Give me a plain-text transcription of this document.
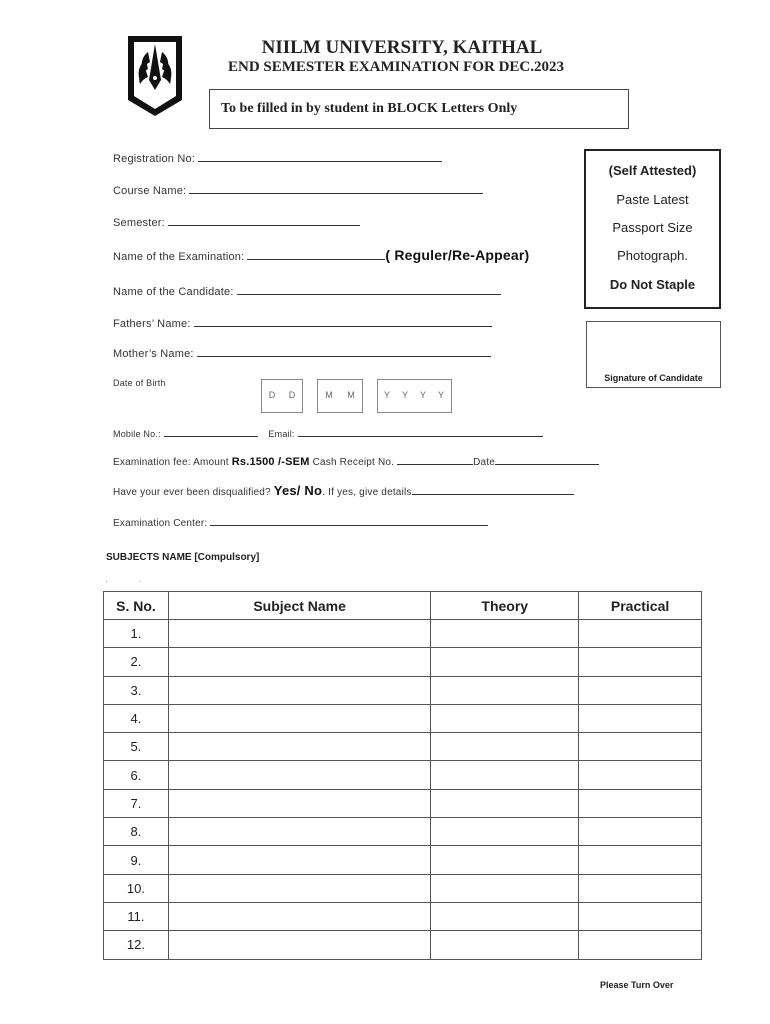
NIILM UNIVERSITY, KAITHAL
END SEMESTER EXAMINATION FOR DEC.2023
To be filled in by student in BLOCK Letters Only
Registration No:
Course Name:
Semester:
Name of the Examination:	( Reguler/Re-Appear)
Name of the Candidate:
Fathers’ Name:
Mother’s Name:
Date of Birth
D	D	M	M	Y	Y	Y	Y
Mobile No.:	Email:
Examination fee: Amount Rs.1500 /-SEM Cash Receipt No.	Date
Have your ever been disqualified? Yes/ No. If yes, give details
Examination Center:
(Self Attested)
Paste Latest
Passport Size
Photograph.
Do Not Staple
Signature of Candidate
SUBJECTS NAME [Compulsory]
·              ·
S. No.	Subject Name	Theory	Practical
1.			
2.			
3.			
4.			
5.			
6.			
7.			
8.			
9.			
10.			
11.			
12.			
Please Turn Over
